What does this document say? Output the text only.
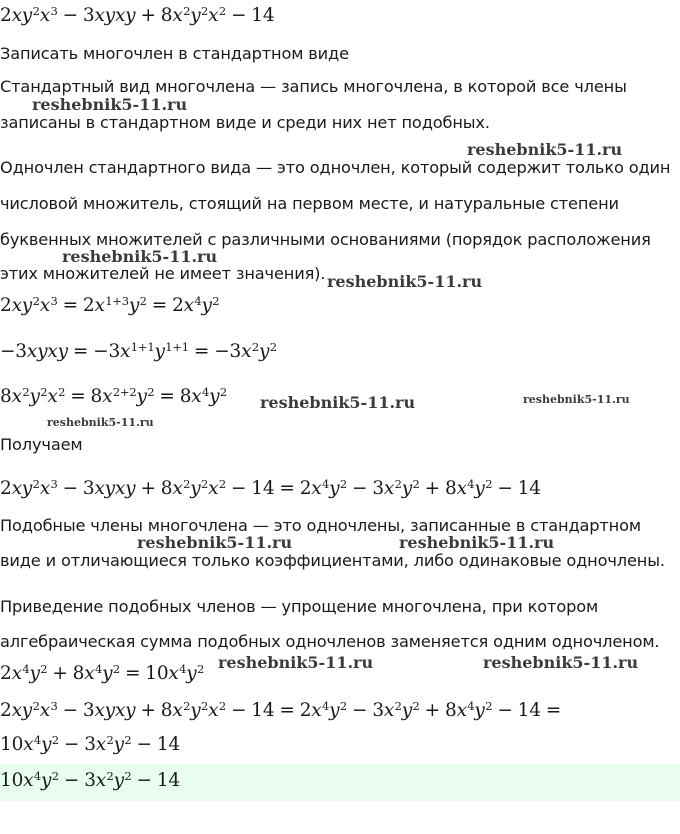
$2xy^2x^3$ − 3xyxy + $8x^2y^2x^2 - 14$
Записать многочлен в стандартном виде
Стандартный вид многочлена — запись многочлена, в которой все члены
записаны в стандартном виде и среди них нет подобных.
Одночлен стандартного вида — это одночлен, который содержит только один
числовой множитель, стоящий на первом месте, и натуральные степени
буквенных множителей с различными основаниями (порядок расположения
этих множителей не имеет значения).
$2xy^2x^3 = 2x^{1+3}y^2 = 2x^4y^2$
−3xyxy = $-3x^{1+1}y^{1+1} = -3x^2y^2$
$8x^2y^2x^2 = 8x^{2+2}y^2 = 8x^4y^2$
Получаем
$2xy^2x^3$ − 3xyxy + $8x^2y^2x^2 - 14 = 2x^4y^2 - 3x^2y^2 + 8x^4y^2 - 14$
Подобные члены многочлена — это одночлены, записанные в стандартном
виде и отличающиеся только коэффициентами, либо одинаковые одночлены.
Приведение подобных членов — упрощение многочлена, при котором
алгебраическая сумма подобных одночленов заменяется одним одночленом.
$2x^4y^2 + 8x^4y^2 = 10x^4y^2$
$2xy^2x^3$ − 3xyxy + $8x^2y^2x^2 - 14 = 2x^4y^2 - 3x^2y^2 + 8x^4y^2 - 14$ =
$10x^4y^2 - 3x^2y^2 - 14$
$10x^4y^2 - 3x^2y^2 - 14$
reshebnik5-11.ru
reshebnik5-11.ru
reshebnik5-11.ru
reshebnik5-11.ru
reshebnik5-11.ru	reshebnik5-11.ru
reshebnik5-11.ru
reshebnik5-11.ru	reshebnik5-11.ru
reshebnik5-11.ru	reshebnik5-11.ru
